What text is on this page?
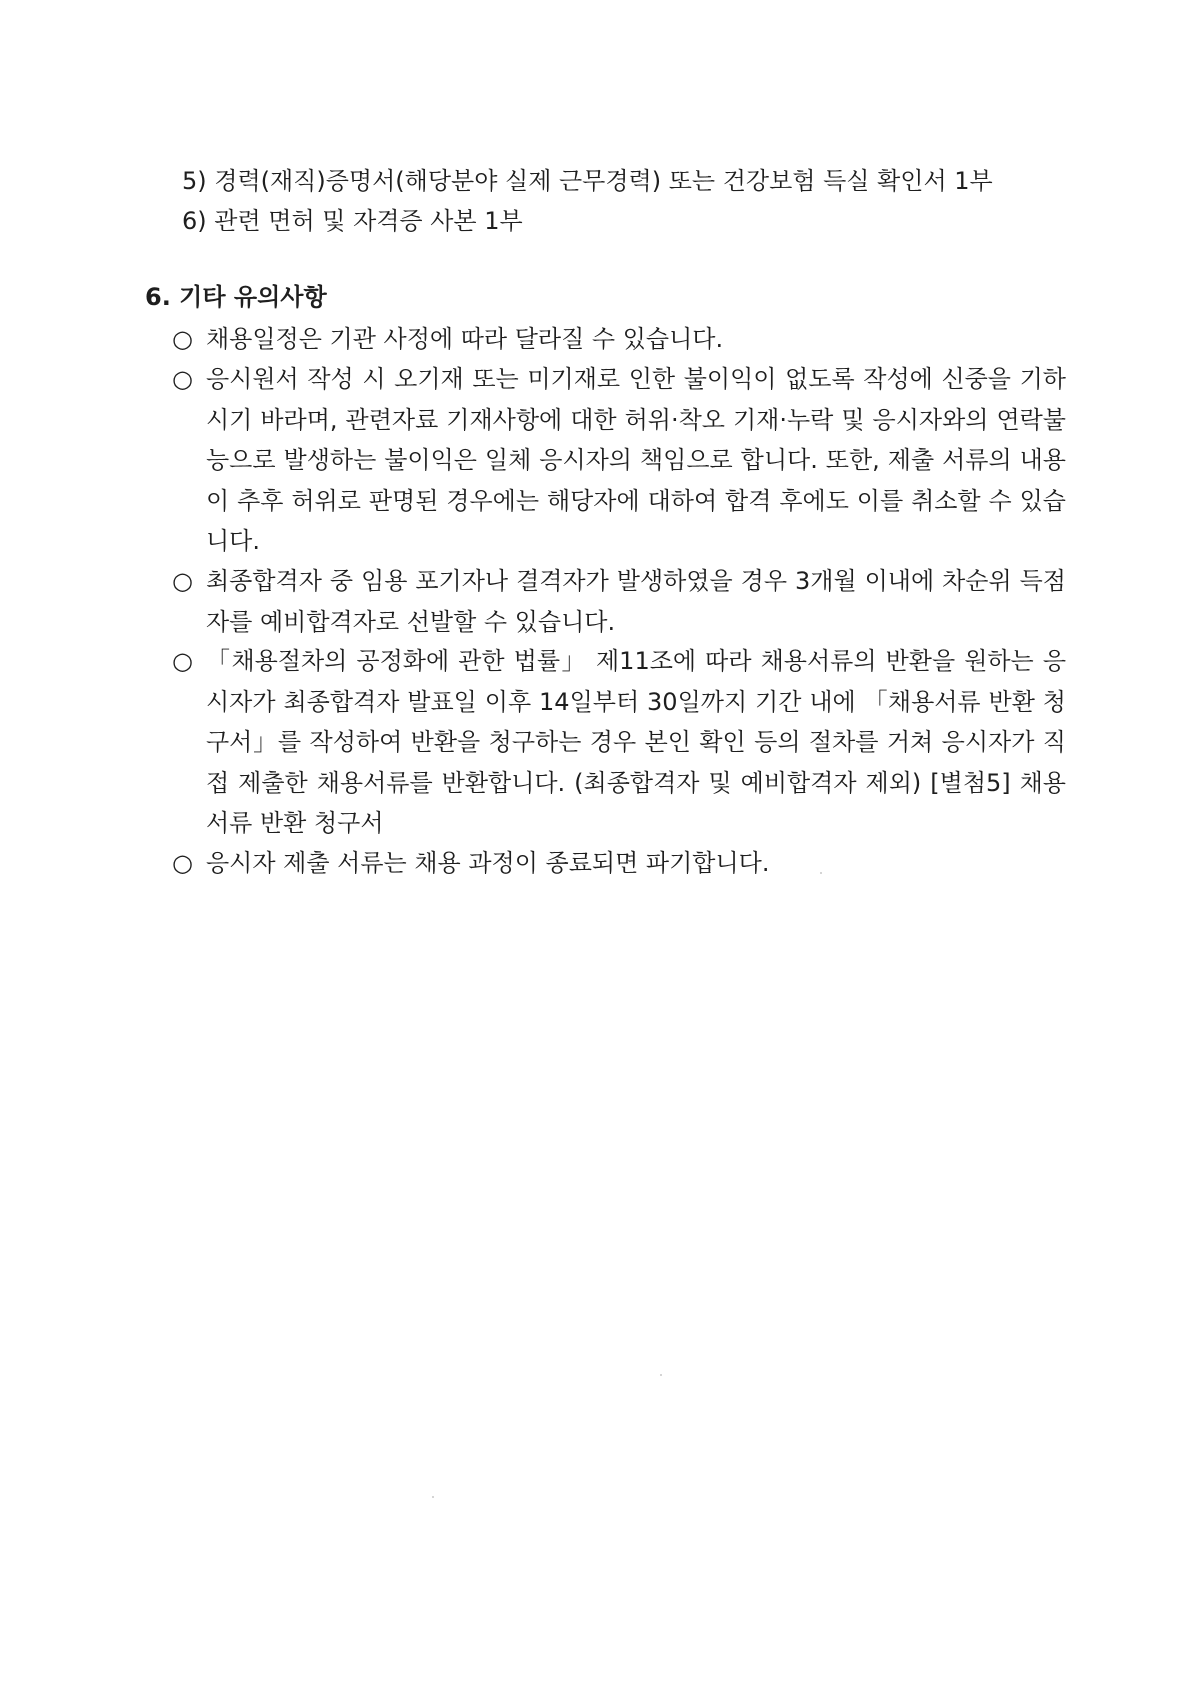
5) 경력(재직)증명서(해당분야 실제 근무경력) 또는 건강보험 득실 확인서 1부
6) 관련 면허 및 자격증 사본 1부
6. 기타 유의사항
○ 채용일정은 기관 사정에 따라 달라질 수 있습니다.
○ 응시원서 작성 시 오기재 또는 미기재로 인한 불이익이 없도록 작성에 신중을 기하시기 바라며, 관련자료 기재사항에 대한 허위·착오 기재·누락 및 응시자와의 연락불능으로 발생하는 불이익은 일체 응시자의 책임으로 합니다. 또한, 제출 서류의 내용이 추후 허위로 판명된 경우에는 해당자에 대하여 합격 후에도 이를 취소할 수 있습니다.
○ 최종합격자 중 임용 포기자나 결격자가 발생하였을 경우 3개월 이내에 차순위 득점자를 예비합격자로 선발할 수 있습니다.
○ 「채용절차의 공정화에 관한 법률」 제11조에 따라 채용서류의 반환을 원하는 응시자가 최종합격자 발표일 이후 14일부터 30일까지 기간 내에 「채용서류 반환 청구서」를 작성하여 반환을 청구하는 경우 본인 확인 등의 절차를 거쳐 응시자가 직접 제출한 채용서류를 반환합니다. (최종합격자 및 예비합격자 제외) [별첨5] 채용서류 반환 청구서
○ 응시자 제출 서류는 채용 과정이 종료되면 파기합니다.
